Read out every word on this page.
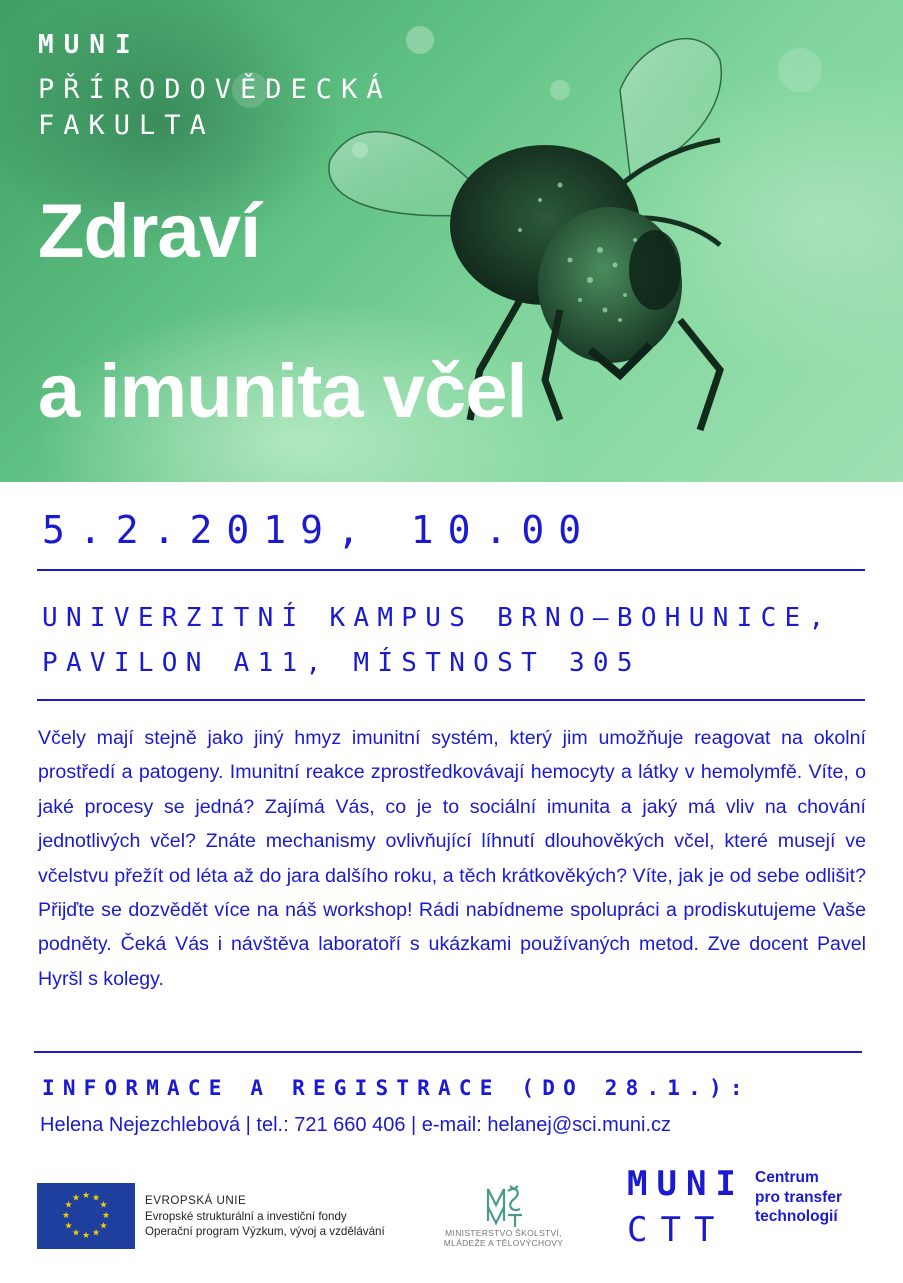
MUNI
PŘÍRODOVĚDECKÁ
FAKULTA
Zdraví
a imunita včel
5.2.2019, 10.00
UNIVERZITNÍ KAMPUS BRNO–BOHUNICE,
PAVILON A11, MÍSTNOST 305
Včely mají stejně jako jiný hmyz imunitní systém, který jim umožňuje reagovat na okolní prostředí a patogeny. Imunitní reakce zprostředkovávají hemocyty a látky v hemolymfě. Víte, o jaké procesy se jedná? Zajímá Vás, co je to sociální imunita a jaký má vliv na chování jednotlivých včel? Znáte mechanismy ovlivňující líhnutí dlouhověkých včel, které musejí ve včelstvu přežít od léta až do jara dalšího roku, a těch krátkověkých? Víte, jak je od sebe odlišit? Přijďte se dozvědět více na náš workshop! Rádi nabídneme spolupráci a prodiskutujeme Vaše podněty. Čeká Vás i návštěva laboratoří s ukázkami používaných metod. Zve docent Pavel Hyršl s kolegy.
INFORMACE A REGISTRACE (DO 28.1.):
Helena Nejezchlebová | tel.: 721 660 406 | e-mail: helanej@sci.muni.cz
★ ★
★
★
★
★
★
★
★
★
★
★	EVROPSKÁ UNIE
Evropské strukturální a investiční fondy
Operační program Výzkum, vývoj a vzdělávání	MINISTERSTVO ŠKOLSTVÍ,
MLÁDEŽE A TĚLOVÝCHOVY
MUNI
CTT
Centrum
pro transfer
technologií
